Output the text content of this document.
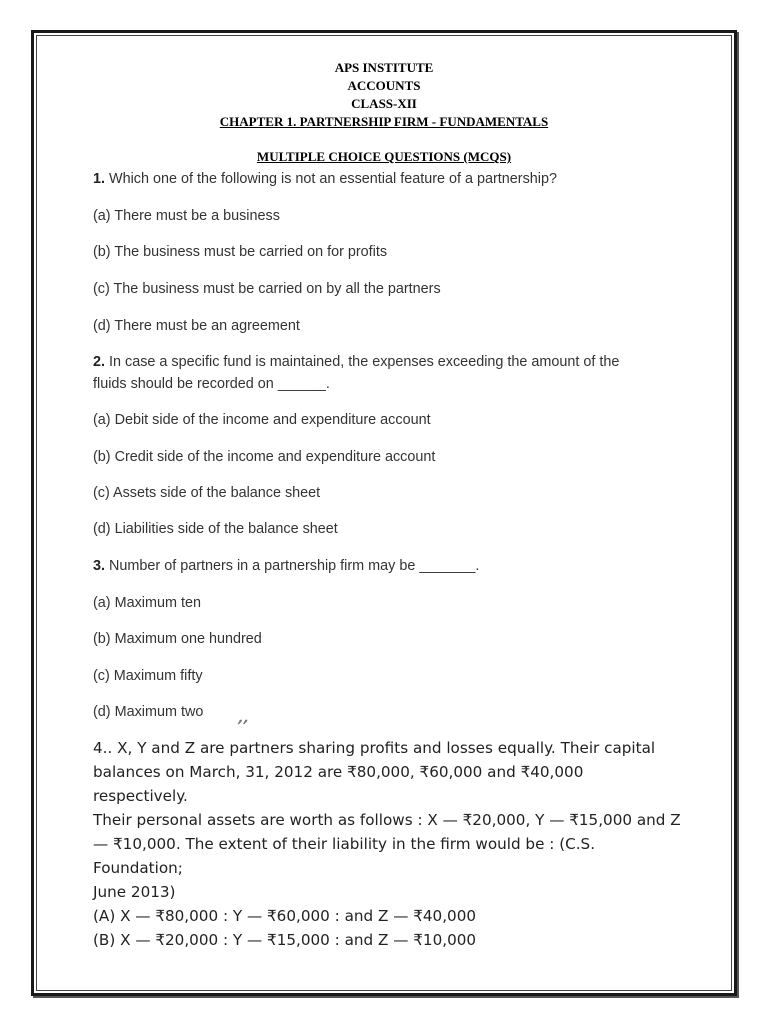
APS INSTITUTE
ACCOUNTS
CLASS-XII
CHAPTER 1. PARTNERSHIP FIRM - FUNDAMENTALS
MULTIPLE CHOICE QUESTIONS (MCQS)
1. Which one of the following is not an essential feature of a partnership?
(a) There must be a business
(b) The business must be carried on for profits
(c) The business must be carried on by all the partners
(d) There must be an agreement
2. In case a specific fund is maintained, the expenses exceeding the amount of the
fluids should be recorded on ______.
(a) Debit side of the income and expenditure account
(b) Credit side of the income and expenditure account
(c) Assets side of the balance sheet
(d) Liabilities side of the balance sheet
3. Number of partners in a partnership firm may be _______.
(a) Maximum ten
(b) Maximum one hundred
(c) Maximum fifty
(d) Maximum two
’’
4.. X, Y and Z are partners sharing profits and losses equally. Their capital
balances on March, 31, 2012 are ₹80,000, ₹60,000 and ₹40,000 respectively.
Their personal assets are worth as follows : X — ₹20,000, Y — ₹15,000 and Z
— ₹10,000. The extent of their liability in the firm would be : (C.S. Foundation;
June 2013)
(A) X — ₹80,000 : Y — ₹60,000 : and Z — ₹40,000
(B) X — ₹20,000 : Y — ₹15,000 : and Z — ₹10,000
